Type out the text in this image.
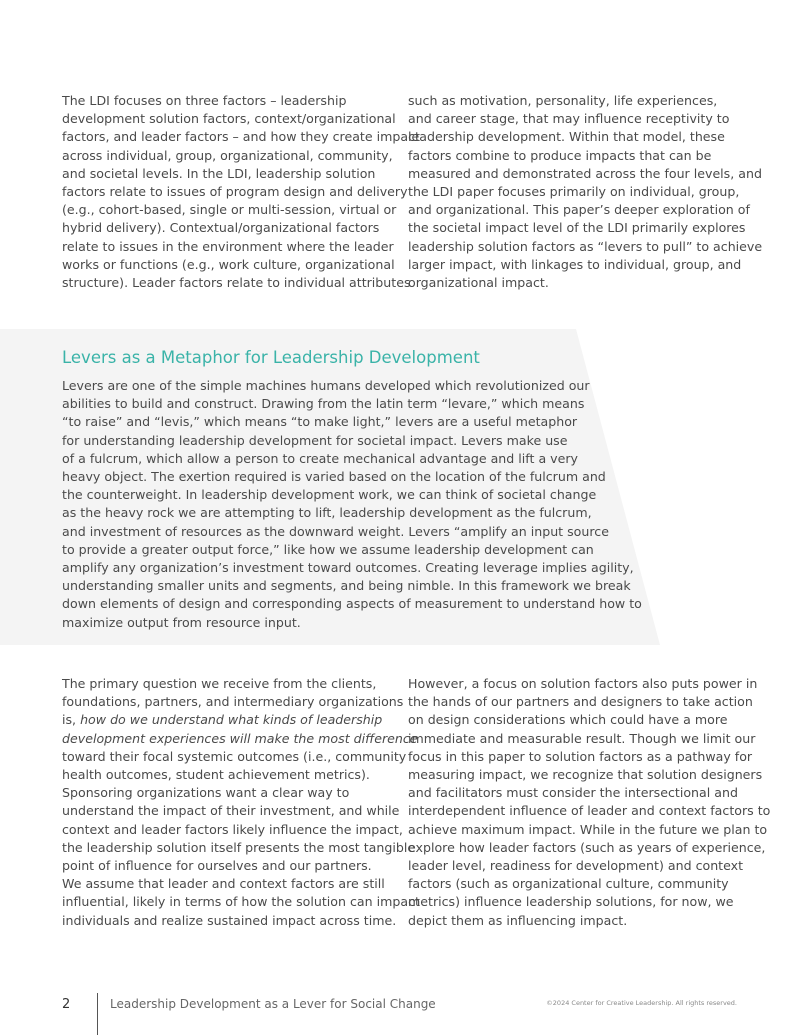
The LDI focuses on three factors – leadership
development solution factors, context/organizational
factors, and leader factors – and how they create impact
across individual, group, organizational, community,
and societal levels. In the LDI, leadership solution
factors relate to issues of program design and delivery
(e.g., cohort-based, single or multi-session, virtual or
hybrid delivery). Contextual/organizational factors
relate to issues in the environment where the leader
works or functions (e.g., work culture, organizational
structure). Leader factors relate to individual attributes
such as motivation, personality, life experiences,
and career stage, that may influence receptivity to
leadership development. Within that model, these
factors combine to produce impacts that can be
measured and demonstrated across the four levels, and
the LDI paper focuses primarily on individual, group,
and organizational. This paper’s deeper exploration of
the societal impact level of the LDI primarily explores
leadership solution factors as “levers to pull” to achieve
larger impact, with linkages to individual, group, and
organizational impact.
Levers as a Metaphor for Leadership Development
Levers are one of the simple machines humans developed which revolutionized our
abilities to build and construct. Drawing from the latin term “levare,” which means
“to raise” and “levis,” which means “to make light,” levers are a useful metaphor
for understanding leadership development for societal impact. Levers make use
of a fulcrum, which allow a person to create mechanical advantage and lift a very
heavy object. The exertion required is varied based on the location of the fulcrum and
the counterweight. In leadership development work, we can think of societal change
as the heavy rock we are attempting to lift, leadership development as the fulcrum,
and investment of resources as the downward weight. Levers “amplify an input source
to provide a greater output force,” like how we assume leadership development can
amplify any organization’s investment toward outcomes. Creating leverage implies agility,
understanding smaller units and segments, and being nimble. In this framework we break
down elements of design and corresponding aspects of measurement to understand how to
maximize output from resource input.
The primary question we receive from the clients,
foundations, partners, and intermediary organizations
is, how do we understand what kinds of leadership
development experiences will make the most difference
toward their focal systemic outcomes (i.e., community
health outcomes, student achievement metrics).
Sponsoring organizations want a clear way to
understand the impact of their investment, and while
context and leader factors likely influence the impact,
the leadership solution itself presents the most tangible
point of influence for ourselves and our partners.
We assume that leader and context factors are still
influential, likely in terms of how the solution can impact
individuals and realize sustained impact across time.
However, a focus on solution factors also puts power in
the hands of our partners and designers to take action
on design considerations which could have a more
immediate and measurable result. Though we limit our
focus in this paper to solution factors as a pathway for
measuring impact, we recognize that solution designers
and facilitators must consider the intersectional and
interdependent influence of leader and context factors to
achieve maximum impact. While in the future we plan to
explore how leader factors (such as years of experience,
leader level, readiness for development) and context
factors (such as organizational culture, community
metrics) influence leadership solutions, for now, we
depict them as influencing impact.
2	Leadership Development as a Lever for Social Change	©2024 Center for Creative Leadership. All rights reserved.
